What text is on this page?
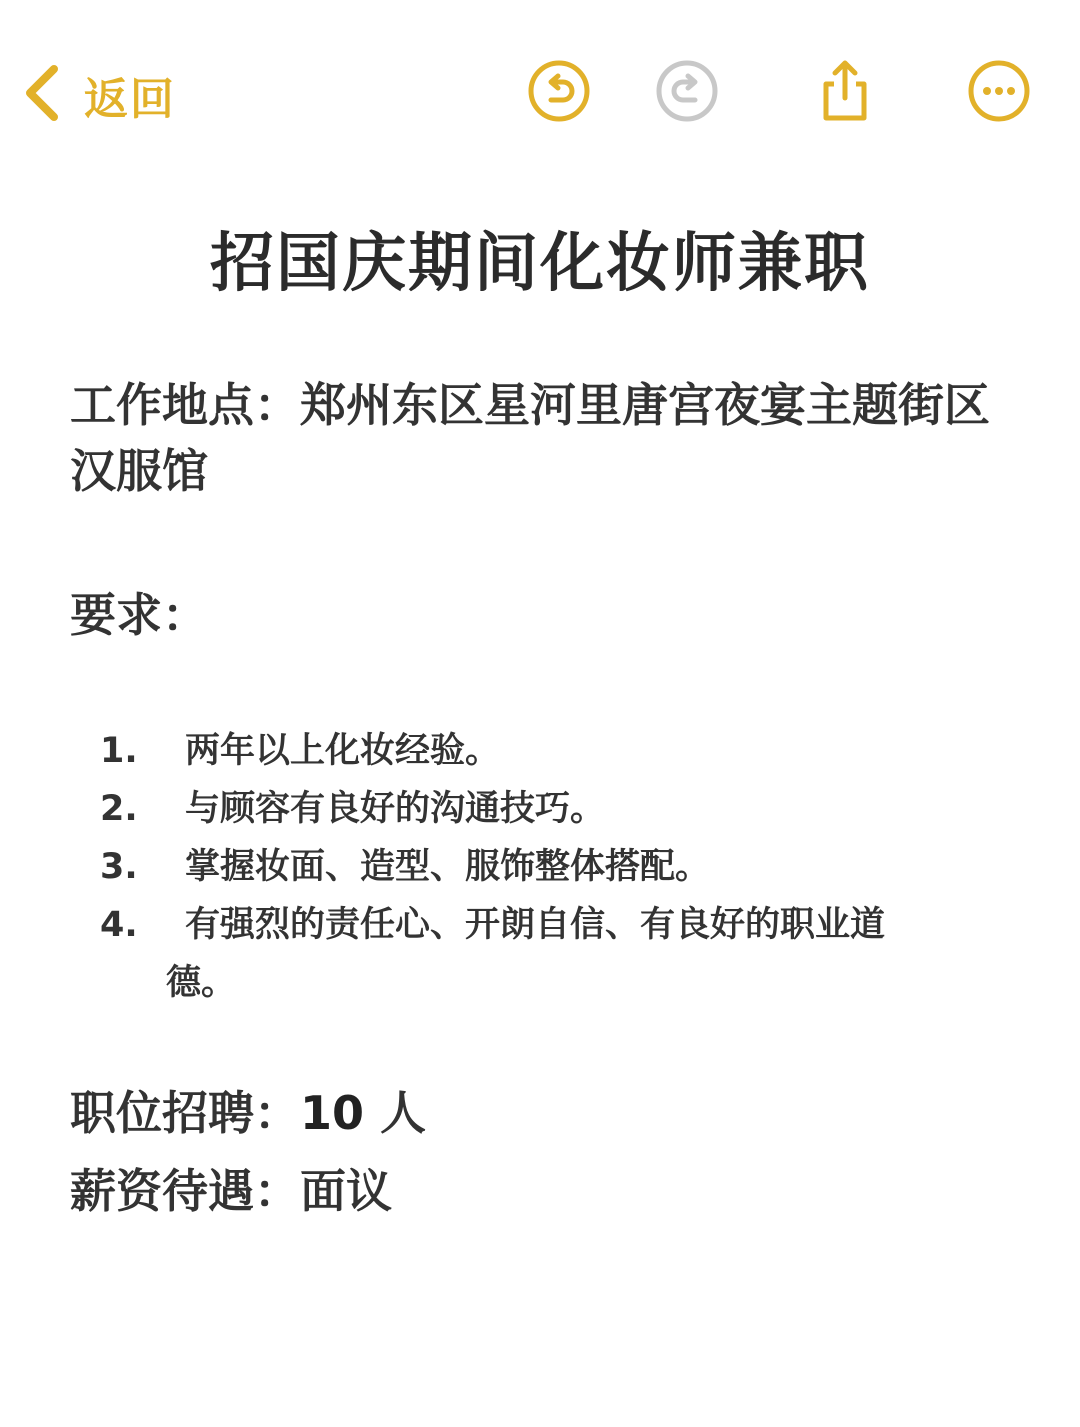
返回
招国庆期间化妆师兼职
工作地点：郑州东区星河里唐宫夜宴主题街区汉服馆
要求：
1.	两年以上化妆经验。
2.	与顾容有良好的沟通技巧。
3.	掌握妆面、造型、服饰整体搭配。
4.	有强烈的责任心、开朗自信、有良好的职业道
德。
职位招聘：10 人
薪资待遇：面议
